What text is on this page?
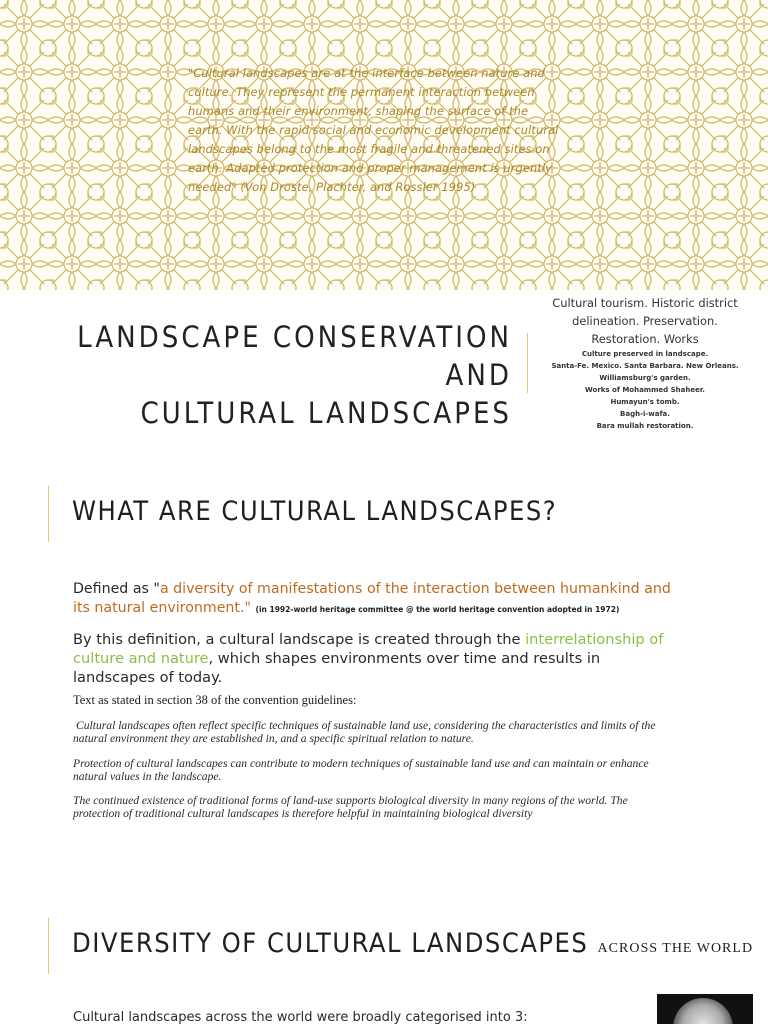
"Cultural landscapes are at the interface between nature and culture. They represent the permanent interaction between humans and their environment, shaping the surface of the earth. With the rapid social and economic development cultural landscapes belong to the most fragile and threatened sites on earth. Adapted protection and proper management is urgently needed" (Von Droste, Plachter, and Rossler 1995)
LANDSCAPE CONSERVATION AND
CULTURAL LANDSCAPES
Cultural tourism. Historic district
delineation. Preservation.
Restoration. Works
Culture preserved in landscape.
Santa-Fe. Mexico. Santa Barbara. New Orleans.
Williamsburg's garden.
Works of Mohammed Shaheer.
Humayun's tomb.
Bagh-i-wafa.
Bara mullah restoration.
WHAT ARE CULTURAL LANDSCAPES?
Defined as "a diversity of manifestations of the interaction between humankind and its natural environment." (in 1992-world heritage committee @ the world heritage convention adopted in 1972)
By this definition, a cultural landscape is created through the interrelationship of culture and nature, which shapes environments over time and results in landscapes of today.
Text as stated in section 38 of the convention guidelines:
Cultural landscapes often reflect specific techniques of sustainable land use, considering the characteristics and limits of the natural environment they are established in, and a specific spiritual relation to nature.
Protection of cultural landscapes can contribute to modern techniques of sustainable land use and can maintain or enhance natural values in the landscape.
The continued existence of traditional forms of land-use supports biological diversity in many regions of the world. The protection of traditional cultural landscapes is therefore helpful in maintaining biological diversity
DIVERSITY OF CULTURAL LANDSCAPES ACROSS THE WORLD
Cultural landscapes across the world were broadly categorised into 3:
